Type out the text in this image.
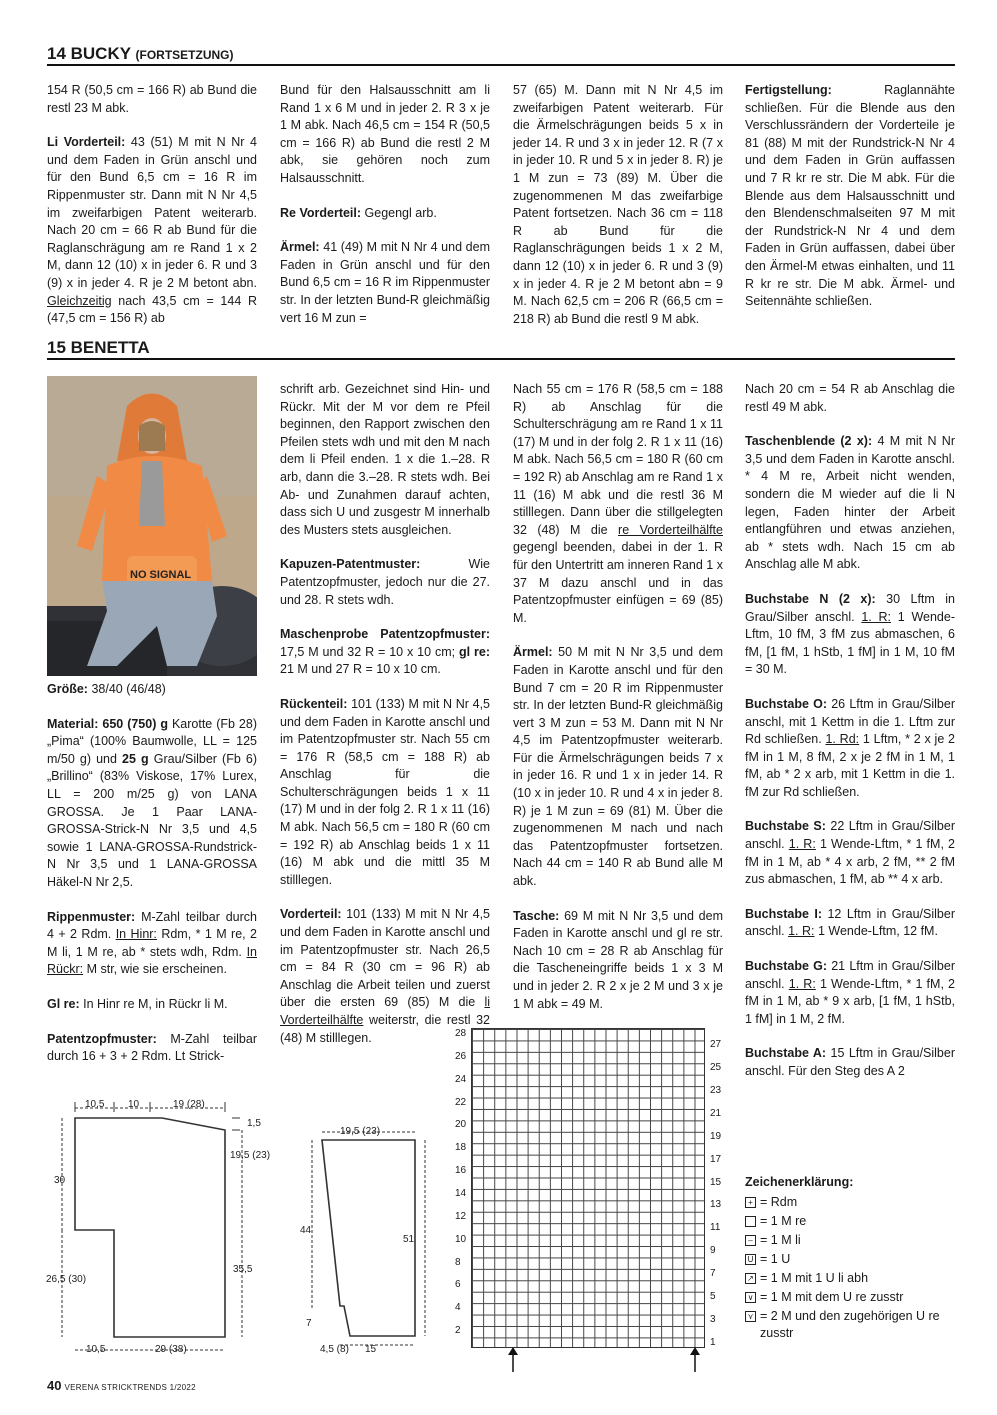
14 BUCKY (FORTSETZUNG)

154 R (50,5 cm = 166 R) ab Bund die restl 23 M abk.

Li Vorderteil: 43 (51) M mit N Nr 4 und dem Faden in Grün anschl und für den Bund 6,5 cm = 16 R im Rippenmuster str. Dann mit N Nr 4,5 im zweifarbigen Patent weiterarb. Nach 20 cm = 66 R ab Bund für die Raglanschrägung am re Rand 1 x 2 M, dann 12 (10) x in jeder 6. R und 3 (9) x in jeder 4. R je 2 M betont abn. Gleichzeitig nach 43,5 cm = 144 R (47,5 cm = 156 R) ab

Bund für den Halsausschnitt am li Rand 1 x 6 M und in jeder 2. R 3 x je 1 M abk. Nach 46,5 cm = 154 R (50,5 cm = 166 R) ab Bund die restl 2 M abk, sie gehören noch zum Halsausschnitt.

Re Vorderteil: Gegengl arb.

Ärmel: 41 (49) M mit N Nr 4 und dem Faden in Grün anschl und für den Bund 6,5 cm = 16 R im Rippenmuster str. In der letzten Bund-R gleichmäßig vert 16 M zun =

57 (65) M. Dann mit N Nr 4,5 im zweifarbigen Patent weiterarb. Für die Ärmelschrägungen beids 5 x in jeder 14. R und 3 x in jeder 12. R (7 x in jeder 10. R und 5 x in jeder 8. R) je 1 M zun = 73 (89) M. Über die zugenommenen M das zweifarbige Patent fortsetzen. Nach 36 cm = 118 R ab Bund für die Raglanschrägungen beids 1 x 2 M, dann 12 (10) x in jeder 6. R und 3 (9) x in jeder 4. R je 2 M betont abn = 9 M. Nach 62,5 cm = 206 R (66,5 cm = 218 R) ab Bund die restl 9 M abk.

Fertigstellung: Raglannähte schließen. Für die Blende aus den Verschlussrändern der Vorderteile je 81 (88) M mit der Rundstrick-N Nr 4 und dem Faden in Grün auffassen und 7 R kr re str. Die M abk. Für die Blende aus dem Halsausschnitt und den Blendenschmalseiten 97 M mit der Rundstrick-N Nr 4 und dem Faden in Grün auffassen, dabei über den Ärmel-M etwas einhalten, und 11 R kr re str. Die M abk. Ärmel- und Seitennähte schließen.

15 BENETTA
NO SIGNAL

Größe: 38/40 (46/48)

Material: 650 (750) g Karotte (Fb 28) „Pima“ (100% Baumwolle, LL = 125 m/50 g) und 25 g Grau/Silber (Fb 6) „Brillino“ (83% Viskose, 17% Lurex, LL = 200 m/25 g) von LANA GROSSA. Je 1 Paar LANA-GROSSA-Strick-N Nr 3,5 und 4,5 sowie 1 LANA-GROSSA-Rundstrick-N Nr 3,5 und 1 LANA-GROSSA Häkel-N Nr 2,5.

Rippenmuster: M-Zahl teilbar durch 4 + 2 Rdm. In Hinr: Rdm, * 1 M re, 2 M li, 1 M re, ab * stets wdh, Rdm. In Rückr: M str, wie sie erscheinen.

Gl re: In Hinr re M, in Rückr li M.

Patentzopfmuster: M-Zahl teilbar durch 16 + 3 + 2 Rdm. Lt Strick-

schrift arb. Gezeichnet sind Hin- und Rückr. Mit der M vor dem re Pfeil beginnen, den Rapport zwischen den Pfeilen stets wdh und mit den M nach dem li Pfeil enden. 1 x die 1.–28. R arb, dann die 3.–28. R stets wdh. Bei Ab- und Zunahmen darauf achten, dass sich U und zusgestr M innerhalb des Musters stets ausgleichen.

Kapuzen-Patentmuster: Wie Patentzopfmuster, jedoch nur die 27. und 28. R stets wdh.

Maschenprobe Patentzopfmuster: 17,5 M und 32 R = 10 x 10 cm; gl re: 21 M und 27 R = 10 x 10 cm.

Rückenteil: 101 (133) M mit N Nr 4,5 und dem Faden in Karotte anschl und im Patentzopfmuster str. Nach 55 cm = 176 R (58,5 cm = 188 R) ab Anschlag für die Schulterschrägungen beids 1 x 11 (17) M und in der folg 2. R 1 x 11 (16) M abk. Nach 56,5 cm = 180 R (60 cm = 192 R) ab Anschlag beids 1 x 11 (16) M abk und die mittl 35 M stilllegen.

Vorderteil: 101 (133) M mit N Nr 4,5 und dem Faden in Karotte anschl und im Patentzopfmuster str. Nach 26,5 cm = 84 R (30 cm = 96 R) ab Anschlag die Arbeit teilen und zuerst über die ersten 69 (85) M die li Vorderteilhälfte weiterstr, die restl 32 (48) M stilllegen.

Nach 55 cm = 176 R (58,5 cm = 188 R) ab Anschlag für die Schulterschrägung am re Rand 1 x 11 (17) M und in der folg 2. R 1 x 11 (16) M abk. Nach 56,5 cm = 180 R (60 cm = 192 R) ab Anschlag am re Rand 1 x 11 (16) M abk und die restl 36 M stilllegen. Dann über die stillgelegten 32 (48) M die re Vorderteilhälfte gegengl beenden, dabei in der 1. R für den Untertritt am inneren Rand 1 x 37 M dazu anschl und in das Patentzopfmuster einfügen = 69 (85) M.

Ärmel: 50 M mit N Nr 3,5 und dem Faden in Karotte anschl und für den Bund 7 cm = 20 R im Rippenmuster str. In der letzten Bund-R gleichmäßig vert 3 M zun = 53 M. Dann mit N Nr 4,5 im Patentzopfmuster weiterarb. Für die Ärmelschrägungen beids 7 x in jeder 16. R und 1 x in jeder 14. R (10 x in jeder 10. R und 4 x in jeder 8. R) je 1 M zun = 69 (81) M. Über die zugenommenen M nach und nach das Patentzopfmuster fortsetzen. Nach 44 cm = 140 R ab Bund alle M abk.

Tasche: 69 M mit N Nr 3,5 und dem Faden in Karotte anschl und gl re str. Nach 10 cm = 28 R ab Anschlag für die Tascheneingriffe beids 1 x 3 M und in jeder 2. R 2 x je 2 M und 3 x je 1 M abk = 49 M.

Nach 20 cm = 54 R ab Anschlag die restl 49 M abk.

Taschenblende (2 x): 4 M mit N Nr 3,5 und dem Faden in Karotte anschl. * 4 M re, Arbeit nicht wenden, sondern die M wieder auf die li N legen, Faden hinter der Arbeit entlangführen und etwas anziehen, ab * stets wdh. Nach 15 cm ab Anschlag alle M abk.

Buchstabe N (2 x): 30 Lftm in Grau/Silber anschl. 1. R: 1 Wende-Lftm, 10 fM, 3 fM zus abmaschen, 6 fM, [1 fM, 1 hStb, 1 fM] in 1 M, 10 fM = 30 M.

Buchstabe O: 26 Lftm in Grau/Silber anschl, mit 1 Kettm in die 1. Lftm zur Rd schließen. 1. Rd: 1 Lftm, * 2 x je 2 fM in 1 M, 8 fM, 2 x je 2 fM in 1 M, 1 fM, ab * 2 x arb, mit 1 Kettm in die 1. fM zur Rd schließen.

Buchstabe S: 22 Lftm in Grau/Silber anschl. 1. R: 1 Wende-Lftm, * 1 fM, 2 fM in 1 M, ab * 4 x arb, 2 fM, ** 2 fM zus abmaschen, 1 fM, ab ** 4 x arb.

Buchstabe I: 12 Lftm in Grau/Silber anschl. 1. R: 1 Wende-Lftm, 12 fM.

Buchstabe G: 21 Lftm in Grau/Silber anschl. 1. R: 1 Wende-Lftm, * 1 fM, 2 fM in 1 M, ab * 9 x arb, [1 fM, 1 hStb, 1 fM] in 1 M, 2 fM.

Buchstabe A: 15 Lftm in Grau/Silber anschl. Für den Steg des A 2

Zeichenerklärung:
+ = Rdm
= 1 M re
– = 1 M li
U = 1 U
↗ = 1 M mit 1 U li abh
∨ = 1 M mit dem U re zusstr
⋎ = 2 M und den zugehörigen U re zusstr
10,5 10	19 (28)
1,5
19,5 (23)
30
26,5 (30)
35,5
10,5	29 (38)
19,5 (23)
44
51
7
4,5 (8) 15
28
26
24
22
20
18
16
14
12
10
8
6
4
2
27
25
23
21
19
17
15
13
11
9
7
5
3
1
40 VERENA STRICKTRENDS 1/2022
